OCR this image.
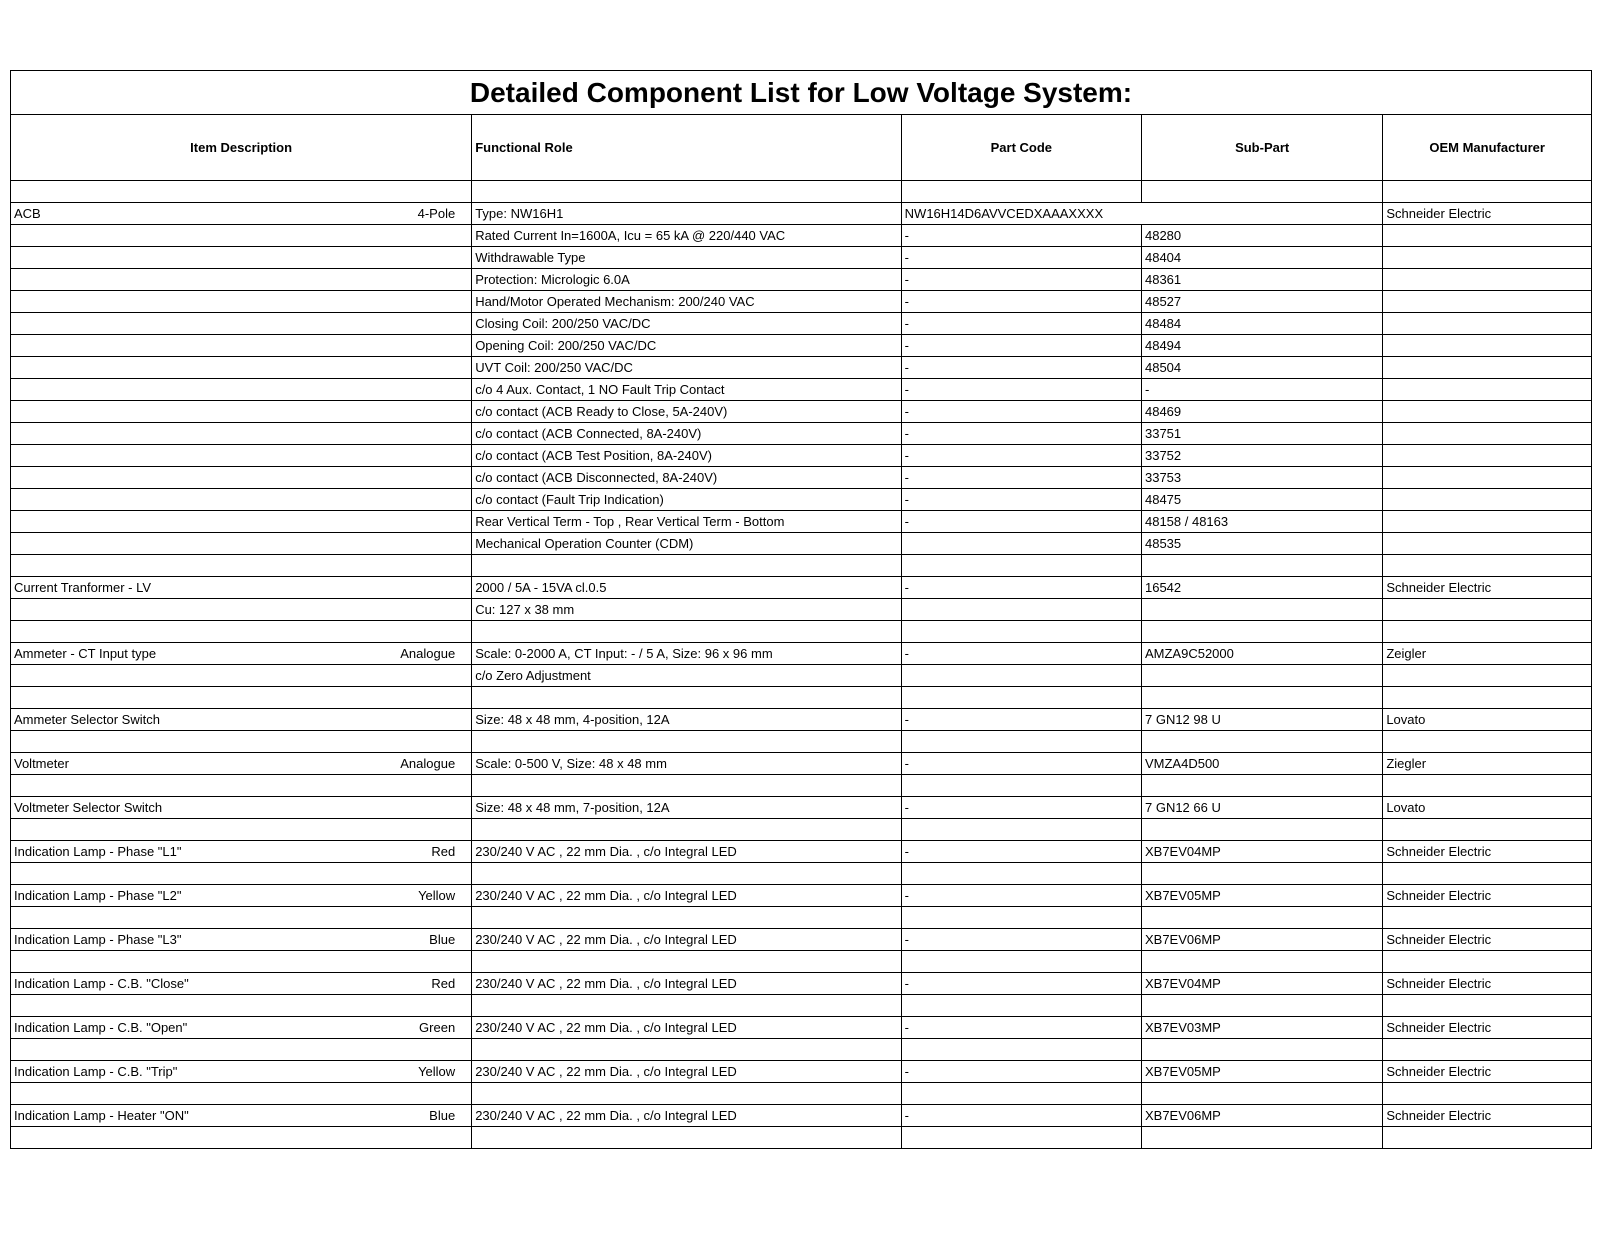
Detailed Component List for Low Voltage System:					
Item Description		Functional Role	Part Code	Sub-Part	OEM Manufacturer

ACB	4-Pole	Type: NW16H1	NW16H14D6AVVCEDXAAAXXXX		Schneider Electric
		Rated Current In=1600A, Icu = 65 kA @ 220/440 VAC	-	48280	
		Withdrawable Type	-	48404	
		Protection: Micrologic 6.0A	-	48361	
		Hand/Motor Operated Mechanism: 200/240 VAC	-	48527	
		Closing Coil: 200/250 VAC/DC	-	48484	
		Opening Coil: 200/250 VAC/DC	-	48494	
		UVT Coil: 200/250 VAC/DC	-	48504	
		c/o 4 Aux. Contact, 1 NO Fault Trip Contact	-	-	
		c/o contact (ACB Ready to Close, 5A-240V)	-	48469	
		c/o contact (ACB Connected, 8A-240V)	-	33751	
		c/o contact (ACB Test Position, 8A-240V)	-	33752	
		c/o contact (ACB Disconnected, 8A-240V)	-	33753	
		c/o contact (Fault Trip Indication)	-	48475	
		Rear Vertical Term - Top , Rear Vertical Term - Bottom	-	48158 / 48163	
		Mechanical Operation Counter (CDM)		48535	

Current Tranformer - LV		2000 / 5A - 15VA cl.0.5	-	16542	Schneider Electric
		Cu: 127 x 38 mm			

Ammeter - CT Input type	Analogue	Scale: 0-2000 A, CT Input: - / 5 A, Size: 96 x 96 mm	-	AMZA9C52000	Zeigler
		c/o Zero Adjustment			

Ammeter Selector Switch		Size: 48 x 48 mm, 4-position, 12A	-	7 GN12 98 U	Lovato

Voltmeter	Analogue	Scale: 0-500 V, Size: 48 x 48 mm	-	VMZA4D500	Ziegler

Voltmeter Selector Switch		Size: 48 x 48 mm, 7-position, 12A	-	7 GN12 66 U	Lovato

Indication Lamp - Phase "L1"	Red	230/240 V AC , 22 mm Dia. , c/o Integral LED	-	XB7EV04MP	Schneider Electric

Indication Lamp - Phase "L2"	Yellow	230/240 V AC , 22 mm Dia. , c/o Integral LED	-	XB7EV05MP	Schneider Electric

Indication Lamp - Phase "L3"	Blue	230/240 V AC , 22 mm Dia. , c/o Integral LED	-	XB7EV06MP	Schneider Electric

Indication Lamp - C.B. "Close"	Red	230/240 V AC , 22 mm Dia. , c/o Integral LED	-	XB7EV04MP	Schneider Electric

Indication Lamp - C.B. "Open"	Green	230/240 V AC , 22 mm Dia. , c/o Integral LED	-	XB7EV03MP	Schneider Electric

Indication Lamp - C.B. "Trip"	Yellow	230/240 V AC , 22 mm Dia. , c/o Integral LED	-	XB7EV05MP	Schneider Electric

Indication Lamp - Heater "ON"	Blue	230/240 V AC , 22 mm Dia. , c/o Integral LED	-	XB7EV06MP	Schneider Electric
